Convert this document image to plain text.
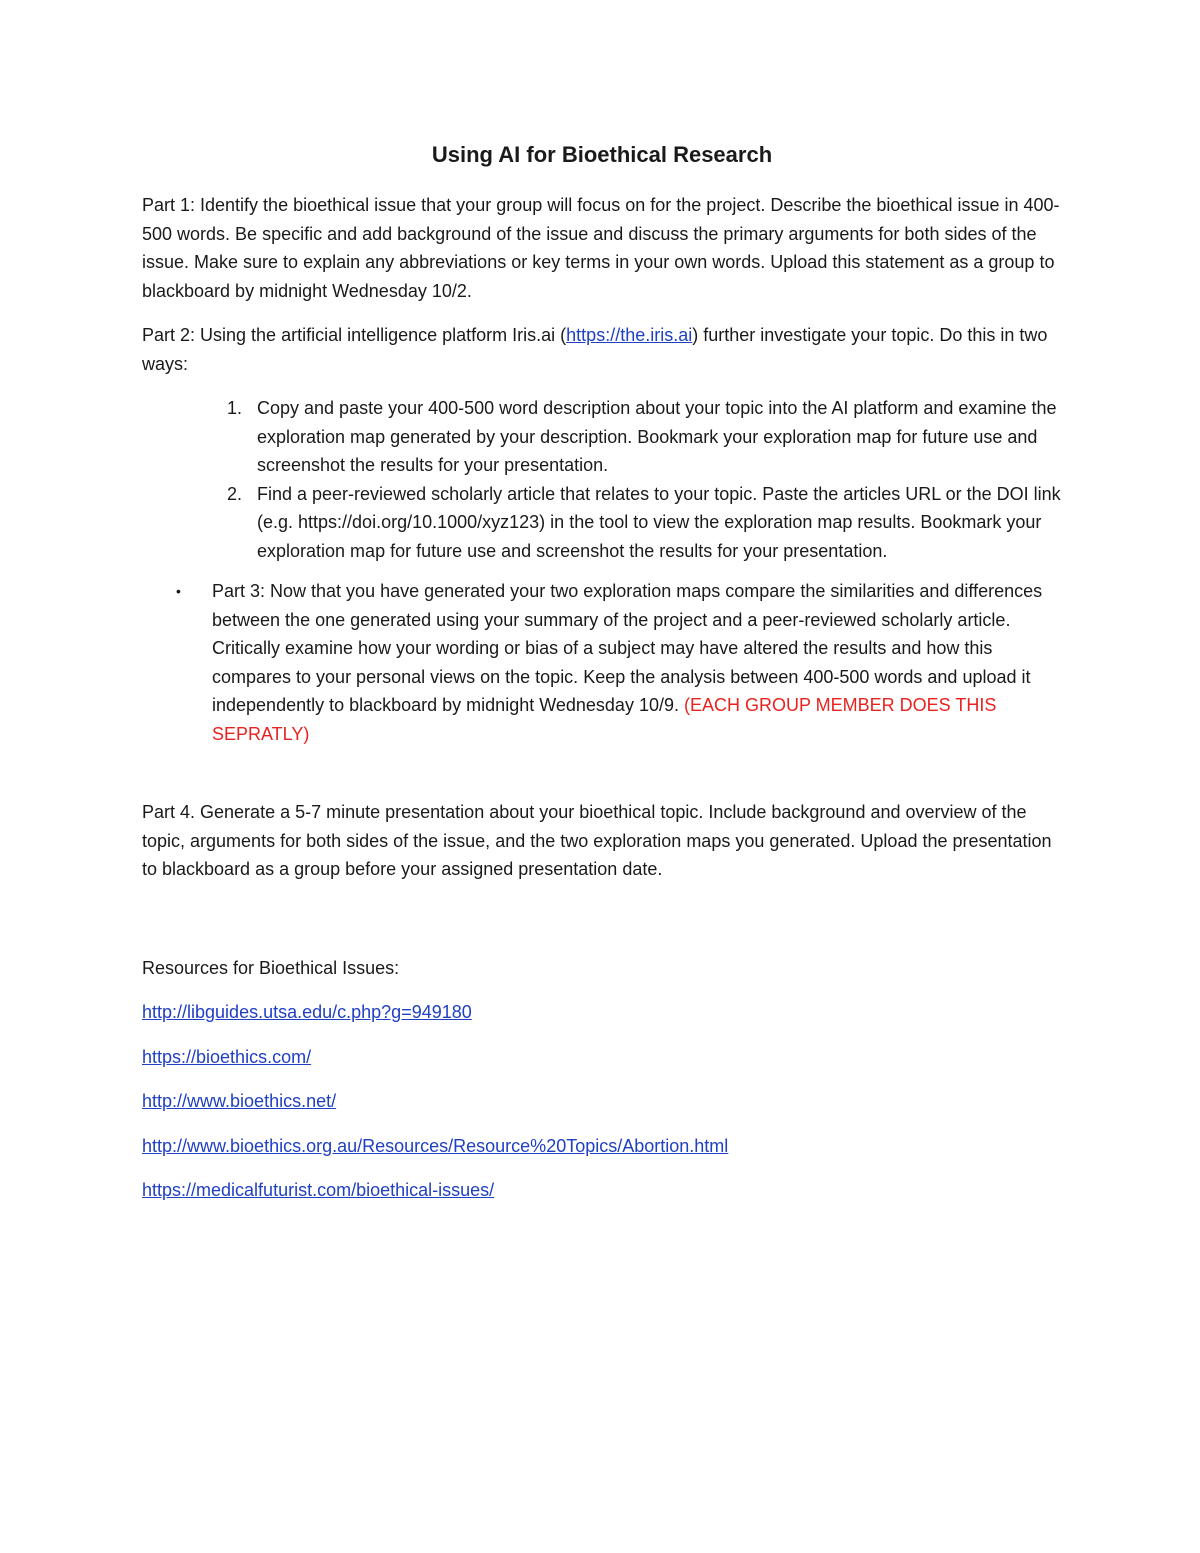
Using AI for Bioethical Research

Part 1: Identify the bioethical issue that your group will focus on for the project. Describe the bioethical issue in 400-500 words. Be specific and add background of the issue and discuss the primary arguments for both sides of the issue. Make sure to explain any abbreviations or key terms in your own words. Upload this statement as a group to blackboard by midnight Wednesday 10/2.

Part 2: Using the artificial intelligence platform Iris.ai (https://the.iris.ai) further investigate your topic. Do this in two ways:

1. Copy and paste your 400-500 word description about your topic into the AI platform and examine the exploration map generated by your description. Bookmark your exploration map for future use and screenshot the results for your presentation.
2. Find a peer-reviewed scholarly article that relates to your topic. Paste the articles URL or the DOI link (e.g. https://doi.org/10.1000/xyz123) in the tool to view the exploration map results. Bookmark your exploration map for future use and screenshot the results for your presentation.
• Part 3: Now that you have generated your two exploration maps compare the similarities and differences between the one generated using your summary of the project and a peer-reviewed scholarly article. Critically examine how your wording or bias of a subject may have altered the results and how this compares to your personal views on the topic. Keep the analysis between 400-500 words and upload it independently to blackboard by midnight Wednesday 10/9. (EACH GROUP MEMBER DOES THIS SEPRATLY)

Part 4. Generate a 5-7 minute presentation about your bioethical topic. Include background and overview of the topic, arguments for both sides of the issue, and the two exploration maps you generated. Upload the presentation to blackboard as a group before your assigned presentation date.

Resources for Bioethical Issues:

http://libguides.utsa.edu/c.php?g=949180
https://bioethics.com/
http://www.bioethics.net/
http://www.bioethics.org.au/Resources/Resource%20Topics/Abortion.html
https://medicalfuturist.com/bioethical-issues/
